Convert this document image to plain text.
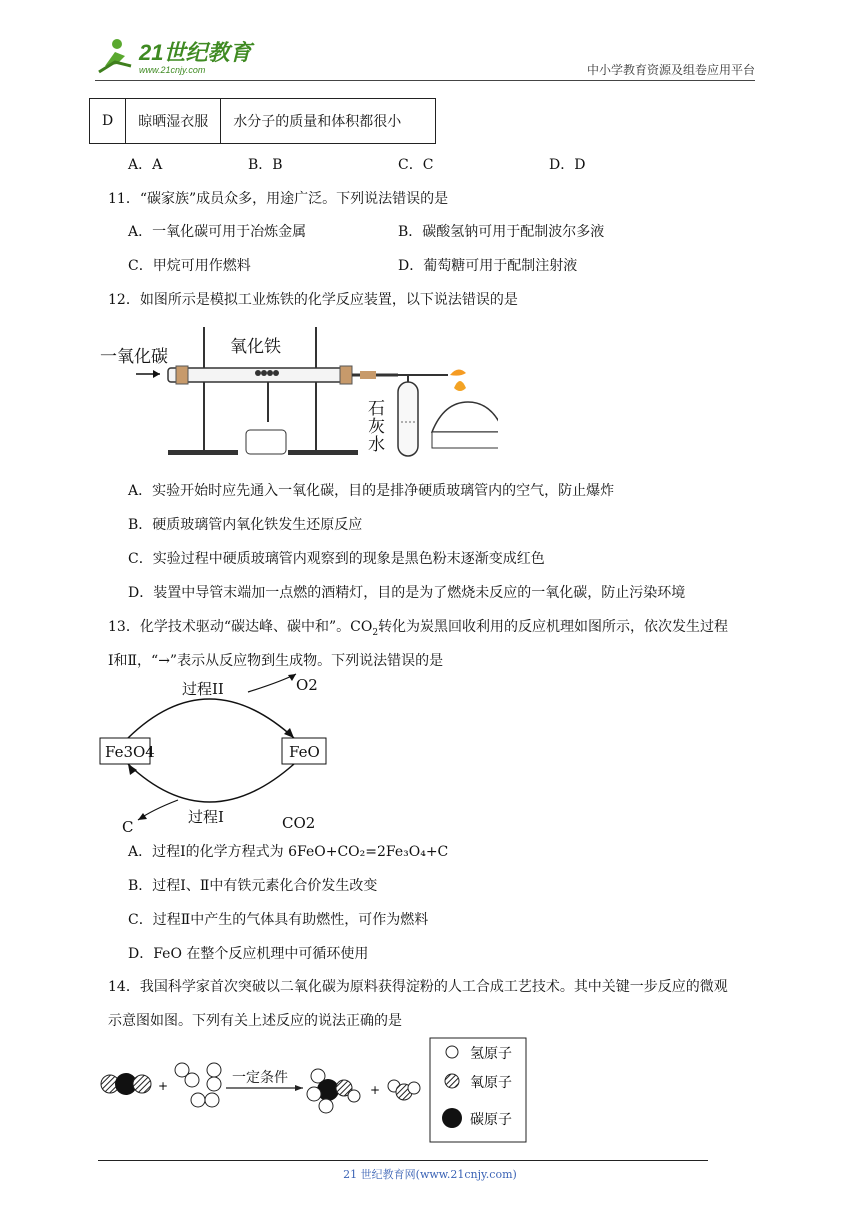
21世纪教育
www.21cnjy.com	中小学教育资源及组卷应用平台
D	晾晒湿衣服	水分子的质量和体积都很小
A．A	B．B	C．C	D．D
11．“碳家族”成员众多，用途广泛。下列说法错误的是
A．一氧化碳可用于冶炼金属	B．碳酸氢钠可用于配制波尔多液
C．甲烷可用作燃料	D．葡萄糖可用于配制注射液
12．如图所示是模拟工业炼铁的化学反应装置，以下说法错误的是
一氧化碳	氧化铁
石
灰
水
A．实验开始时应先通入一氧化碳，目的是排净硬质玻璃管内的空气，防止爆炸
B．硬质玻璃管内氧化铁发生还原反应
C．实验过程中硬质玻璃管内观察到的现象是黑色粉末逐渐变成红色
D．装置中导管末端加一点燃的酒精灯，目的是为了燃烧未反应的一氧化碳，防止污染环境
13．化学技术驱动“碳达峰、碳中和”。$CO_2$转化为炭黑回收利用的反应机理如图所示，依次发生过程
Ⅰ和Ⅱ，“→”表示从反应物到生成物。下列说法错误的是
过程II	O2
Fe3O4	FeO
过程I	CO2
C
A．过程Ⅰ的化学方程式为 6FeO+CO₂=2Fe₃O₄+C
B．过程Ⅰ、Ⅱ中有铁元素化合价发生改变
C．过程Ⅱ中产生的气体具有助燃性，可作为燃料
D．FeO 在整个反应机理中可循环使用
14．我国科学家首次突破以二氧化碳为原料获得淀粉的人工合成工艺技术。其中关键一步反应的微观
示意图如图。下列有关上述反应的说法正确的是
+	一定条件
+
氢原子
氧原子
碳原子
21 世纪教育网(www.21cnjy.com)
